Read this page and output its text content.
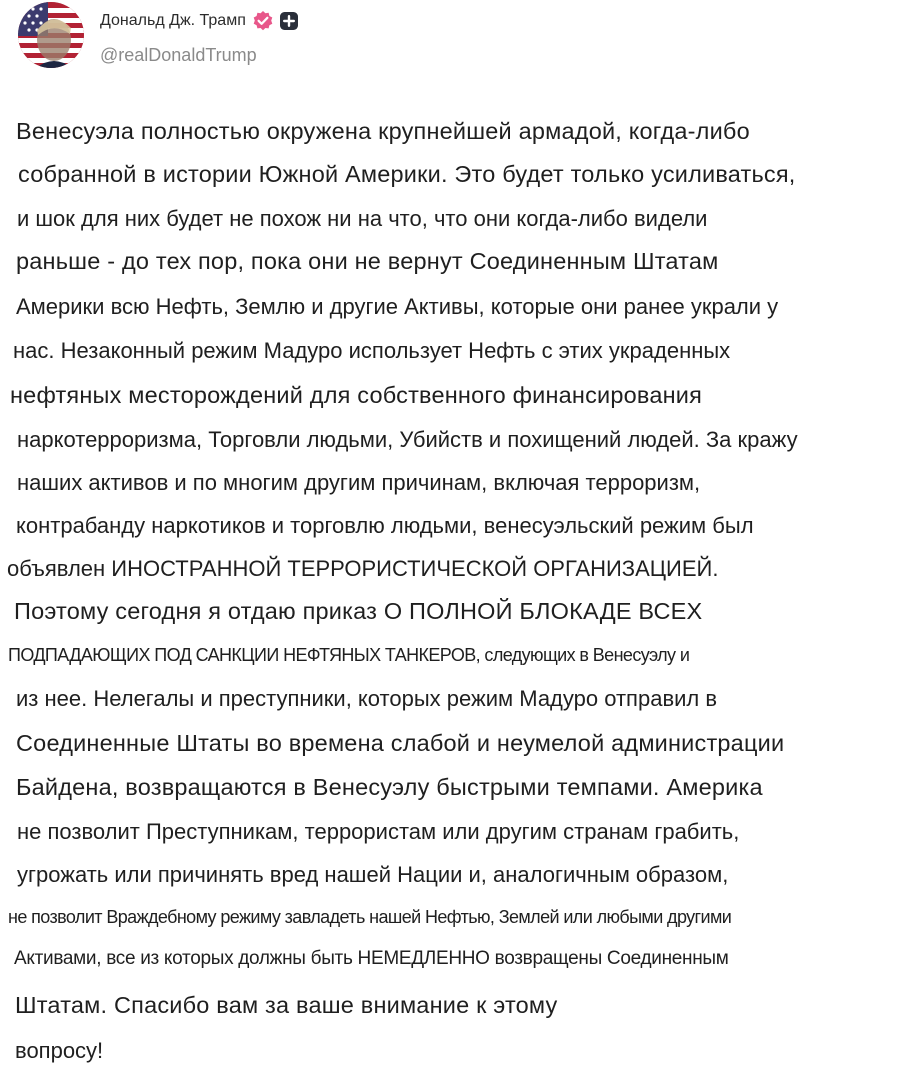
Дональд Дж. Трамп
@realDonaldTrump
Венесуэла полностью окружена крупнейшей армадой, когда-либо
собранной в истории Южной Америки. Это будет только усиливаться,
и шок для них будет не похож ни на что, что они когда-либо видели
раньше - до тех пор, пока они не вернут Соединенным Штатам
Америки всю Нефть, Землю и другие Активы, которые они ранее украли у
нас. Незаконный режим Мадуро использует Нефть с этих украденных
нефтяных месторождений для собственного финансирования
наркотерроризма, Торговли людьми, Убийств и похищений людей. За кражу
наших активов и по многим другим причинам, включая терроризм,
контрабанду наркотиков и торговлю людьми, венесуэльский режим был
объявлен ИНОСТРАННОЙ ТЕРРОРИСТИЧЕСКОЙ ОРГАНИЗАЦИЕЙ.
Поэтому сегодня я отдаю приказ О ПОЛНОЙ БЛОКАДЕ ВСЕХ
ПОДПАДАЮЩИХ ПОД САНКЦИИ НЕФТЯНЫХ ТАНКЕРОВ, следующих в Венесуэлу и
из нее. Нелегалы и преступники, которых режим Мадуро отправил в
Соединенные Штаты во времена слабой и неумелой администрации
Байдена, возвращаются в Венесуэлу быстрыми темпами. Америка
не позволит Преступникам, террористам или другим странам грабить,
угрожать или причинять вред нашей Нации и, аналогичным образом,
не позволит Враждебному режиму завладеть нашей Нефтью, Землей или любыми другими
Активами, все из которых должны быть НЕМЕДЛЕННО возвращены Соединенным
Штатам. Спасибо вам за ваше внимание к этому
вопросу!
